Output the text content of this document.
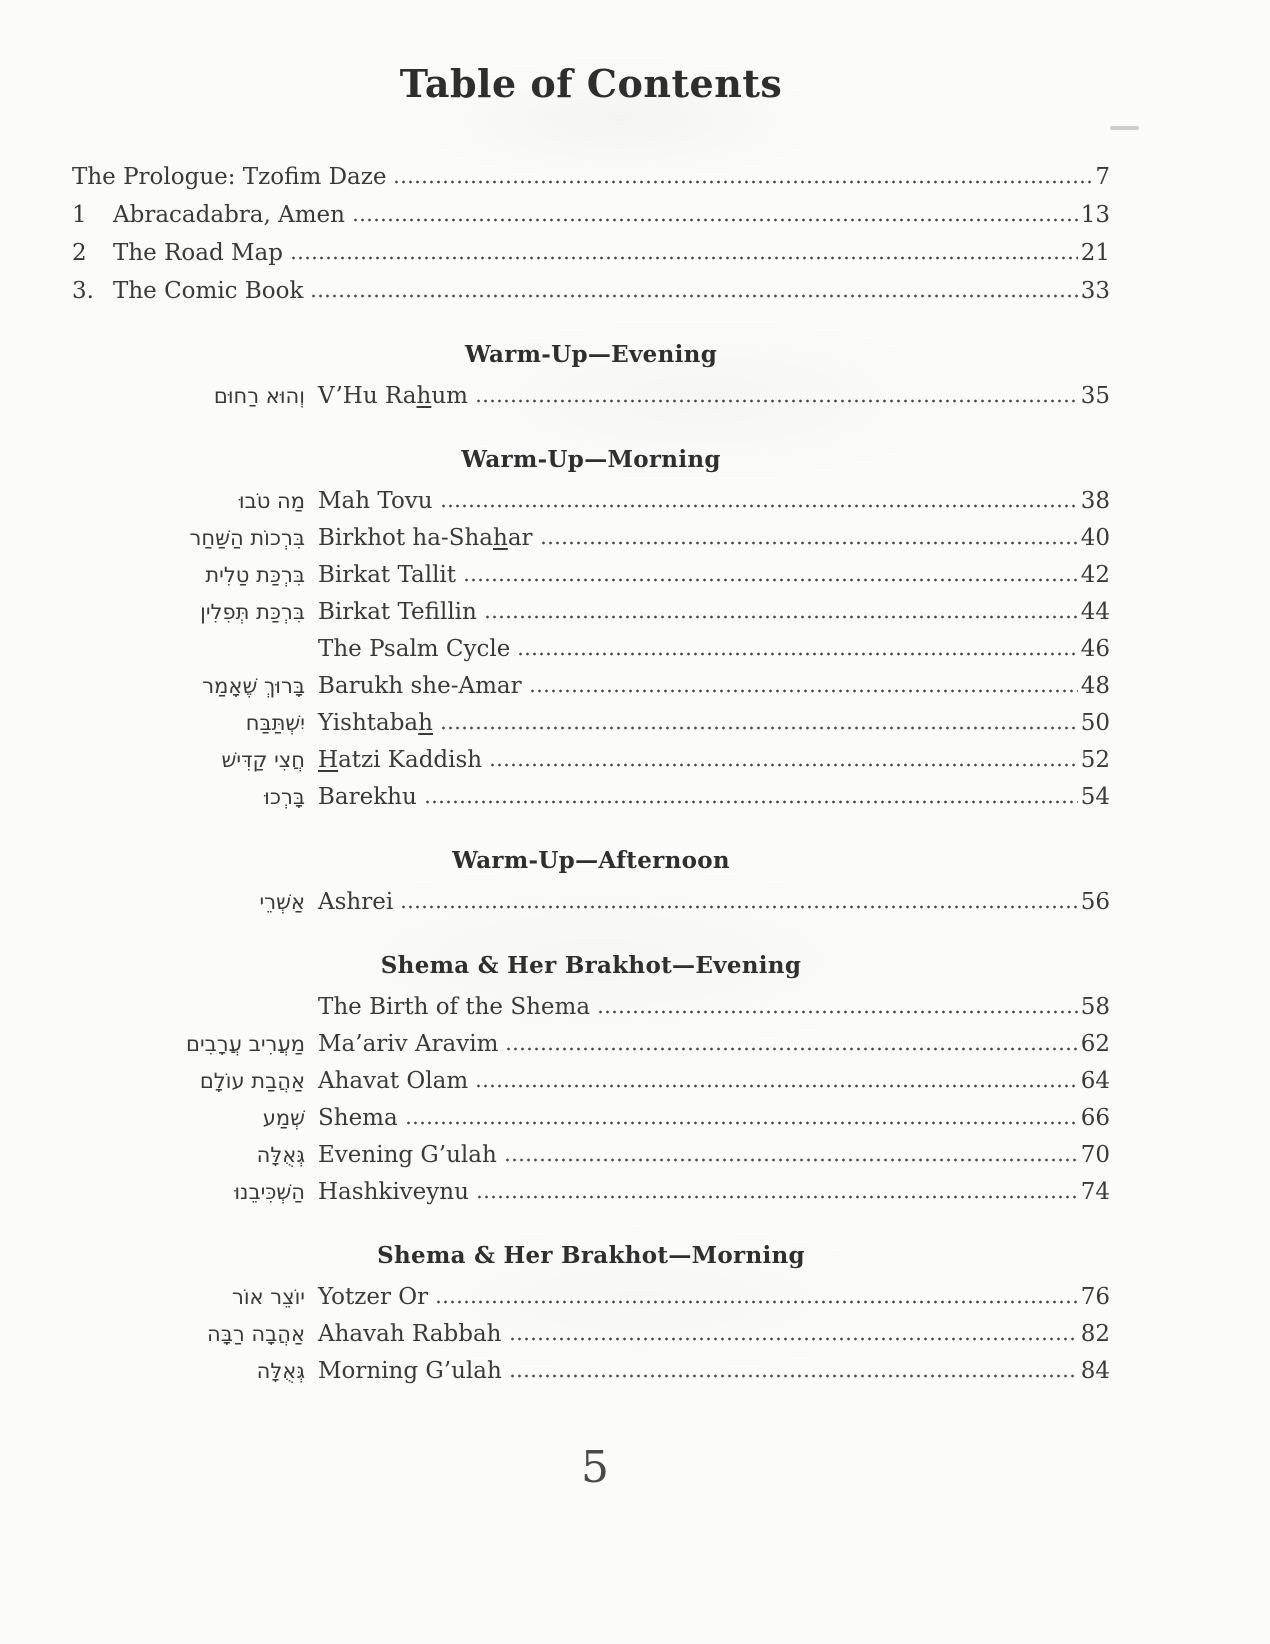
Table of Contents
The Prologue: Tzofim Daze	7
1	Abracadabra, Amen	13
2	The Road Map	21
3. The Comic Book	33
Warm-Up—Evening
וְהוּא רַחוּם V’Hu Rahum	35
Warm-Up—Morning
מַה טֹבוּ Mah Tovu	38
בִּרְכוֹת הַשַּׁחַר Birkhot ha-Shahar	40
בִּרְכַּת טַלִית Birkat Tallit	42
בִּרְכַּת תְּפִלִין Birkat Tefillin	44
The Psalm Cycle	46
בָּרוּךְ שֶׁאָמַר Barukh she-Amar	48
יִשְׁתַּבַּח Yishtabah	50
חֲצִי קַדִּישׁ Hatzi Kaddish	52
בָּרְכוּ Barekhu	54
Warm-Up—Afternoon
אַשְׁרֵי Ashrei	56
Shema & Her Brakhot—Evening
The Birth of the Shema	58
מַעֲרִיב עֲרָבִים Ma’ariv Aravim	62
אַהֲבַת עוֹלָם Ahavat Olam	64
שְׁמַע Shema	66
גְּאֻלָּה Evening G’ulah	70
הַשְׁכִּיבֵנוּ Hashkiveynu	74
Shema & Her Brakhot—Morning
יוֹצֵר אוֹר Yotzer Or	76
אַהֲבָה רַבָּה Ahavah Rabbah	82
גְּאֻלָּה Morning G’ulah	84
5
